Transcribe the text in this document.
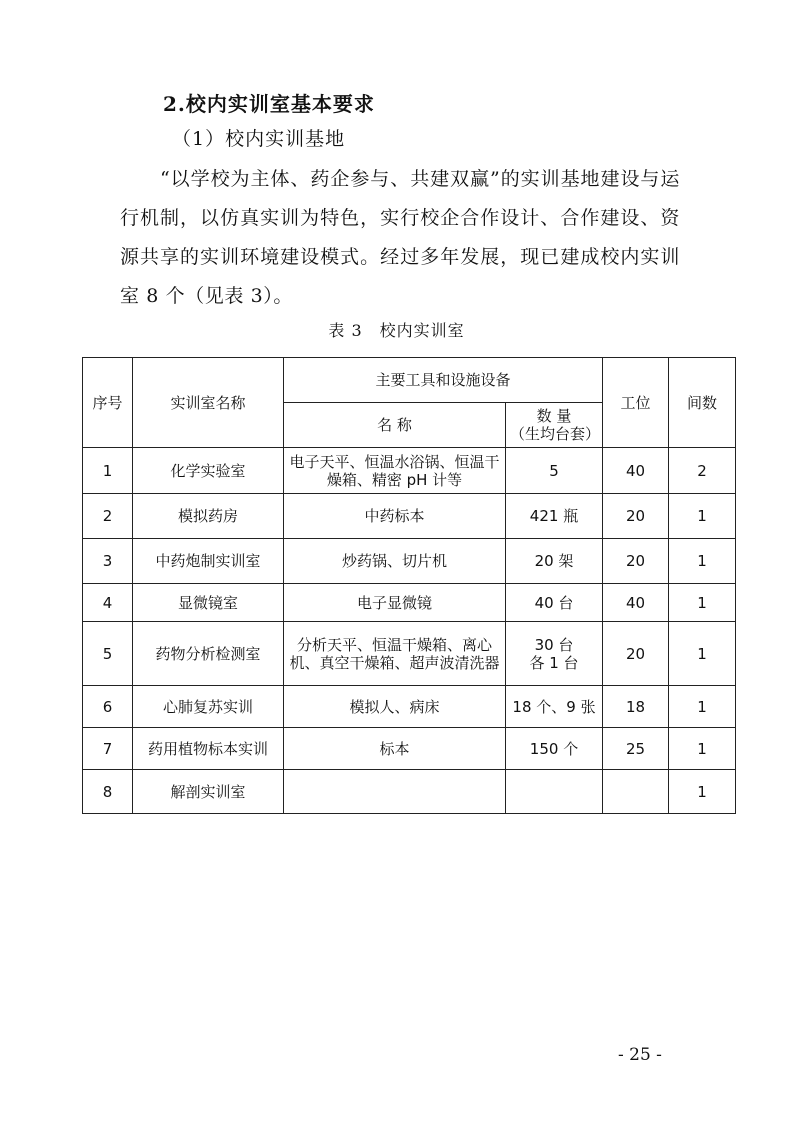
2.校内实训室基本要求
（1）校内实训基地

“以学校为主体、药企参与、共建双赢”的实训基地建设与运行机制，以仿真实训为特色，实行校企合作设计、合作建设、资源共享的实训环境建设模式。经过多年发展，现已建成校内实训室 8 个（见表 3）。

表 3　校内实训室
序号	实训室名称	主要工具和设施设备		工位	间数
		名 称	数 量
（生均台套）		

1	化学实验室	电子天平、恒温水浴锅、恒温干燥箱、精密 pH 计等	5	40	2
2	模拟药房	中药标本	421 瓶	20	1
3	中药炮制实训室	炒药锅、切片机	20 架	20	1
4	显微镜室	电子显微镜	40 台	40	1
5	药物分析检测室	分析天平、恒温干燥箱、离心机、真空干燥箱、超声波清洗器	30 台
各 1 台	20	1
6	心肺复苏实训	模拟人、病床	18 个、9 张	18	1
7	药用植物标本实训	标本	150 个	25	1
8	解剖实训室				1
- 25 -
